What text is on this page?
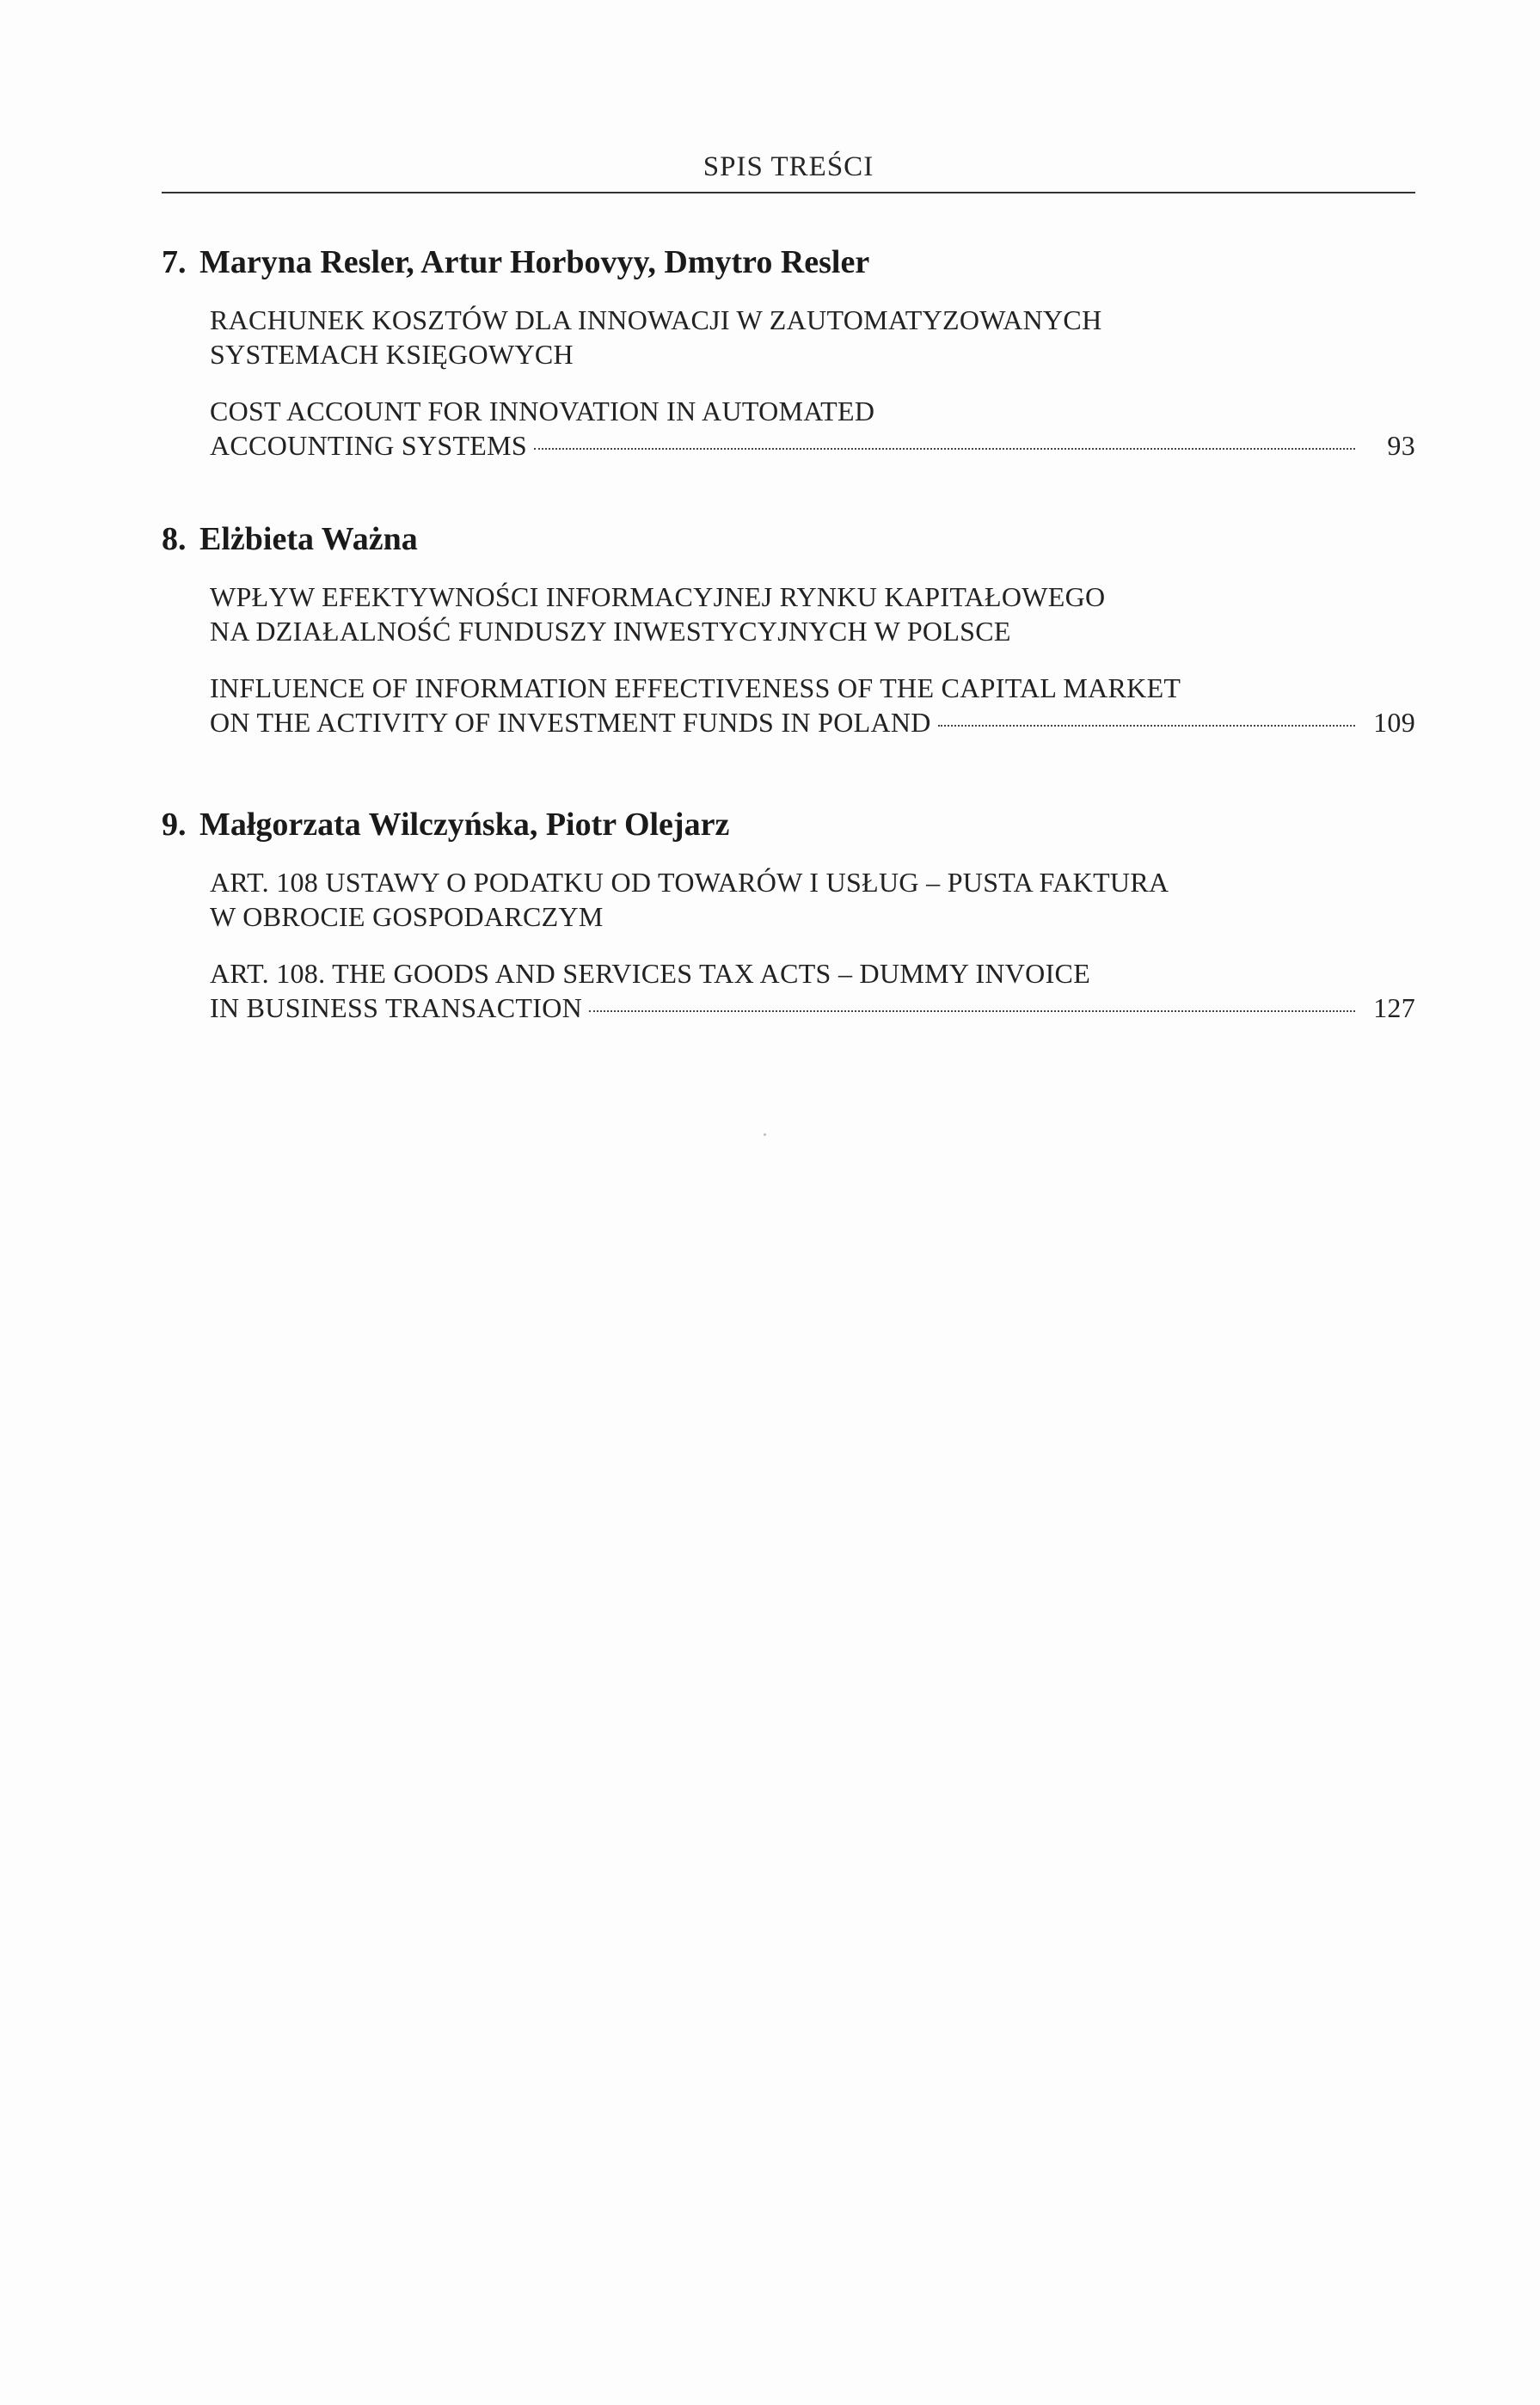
SPIS TREŚCI
7. Maryna Resler, Artur Horbovyy, Dmytro Resler
RACHUNEK KOSZTÓW DLA INNOWACJI W ZAUTOMATYZOWANYCH
SYSTEMACH KSIĘGOWYCH
COST ACCOUNT FOR INNOVATION IN AUTOMATED
ACCOUNTING SYSTEMS	93
8. Elżbieta Ważna
WPŁYW EFEKTYWNOŚCI INFORMACYJNEJ RYNKU KAPITAŁOWEGO
NA DZIAŁALNOŚĆ FUNDUSZY INWESTYCYJNYCH W POLSCE
INFLUENCE OF INFORMATION EFFECTIVENESS OF THE CAPITAL MARKET
ON THE ACTIVITY OF INVESTMENT FUNDS IN POLAND	109
9. Małgorzata Wilczyńska, Piotr Olejarz
ART. 108 USTAWY O PODATKU OD TOWARÓW I USŁUG – PUSTA FAKTURA
W OBROCIE GOSPODARCZYM
ART. 108. THE GOODS AND SERVICES TAX ACTS – DUMMY INVOICE
IN BUSINESS TRANSACTION	127
